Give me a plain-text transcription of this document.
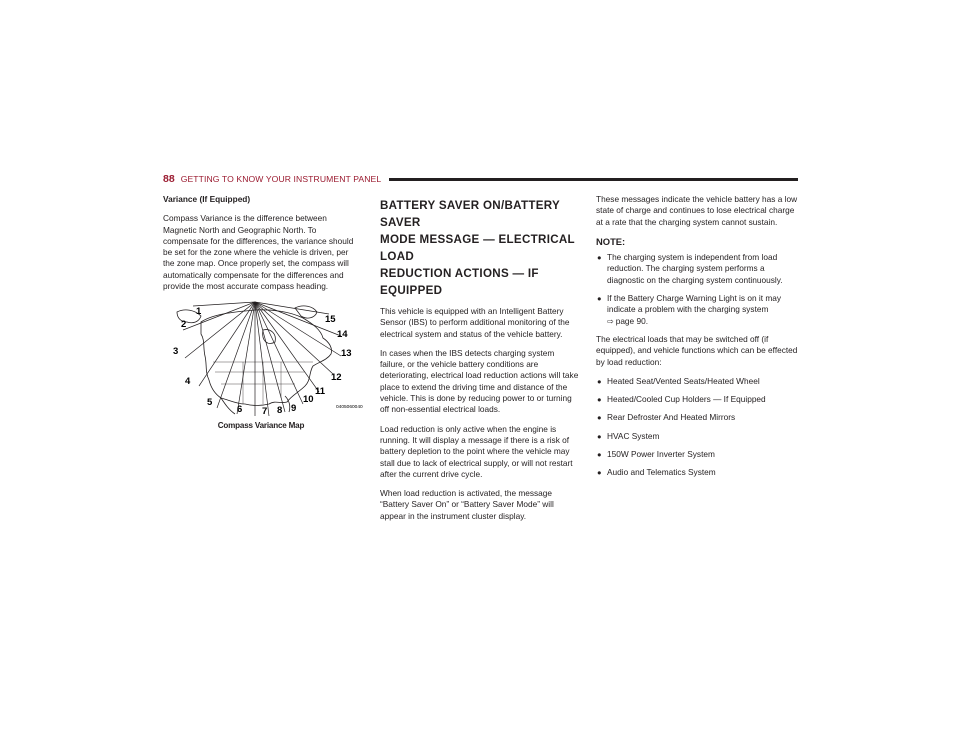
88 GETTING TO KNOW YOUR INSTRUMENT PANEL

Variance (If Equipped)

Compass Variance is the difference between Magnetic North and Geographic North. To compensate for the differences, the variance should be set for the zone where the vehicle is driven, per the zone map. Once properly set, the compass will automatically compensate for the differences and provide the most accurate compass heading.

1
2
3
4
5
6 7 8 9
10
11
12
13
14
15
0405060040
Compass Variance Map
BATTERY SAVER ON/BATTERY SAVER
MODE MESSAGE — ELECTRICAL LOAD
REDUCTION ACTIONS — IF EQUIPPED

This vehicle is equipped with an Intelligent Battery Sensor (IBS) to perform additional monitoring of the electrical system and status of the vehicle battery.

In cases when the IBS detects charging system failure, or the vehicle battery conditions are deteriorating, electrical load reduction actions will take place to extend the driving time and distance of the vehicle. This is done by reducing power to or turning off non-essential electrical loads.

Load reduction is only active when the engine is running. It will display a message if there is a risk of battery depletion to the point where the vehicle may stall due to lack of electrical supply, or will not restart after the current drive cycle.

When load reduction is activated, the message “Battery Saver On” or “Battery Saver Mode” will appear in the instrument cluster display.

These messages indicate the vehicle battery has a low state of charge and continues to lose electrical charge at a rate that the charging system cannot sustain.

NOTE:
● The charging system is independent from load reduction. The charging system performs a diagnostic on the charging system continuously.
● If the Battery Charge Warning Light is on it may indicate a problem with the charging system
⇨ page 90.

The electrical loads that may be switched off (if equipped), and vehicle functions which can be effected by load reduction:

● Heated Seat/Vented Seats/Heated Wheel
● Heated/Cooled Cup Holders — If Equipped
● Rear Defroster And Heated Mirrors
● HVAC System
● 150W Power Inverter System
● Audio and Telematics System
